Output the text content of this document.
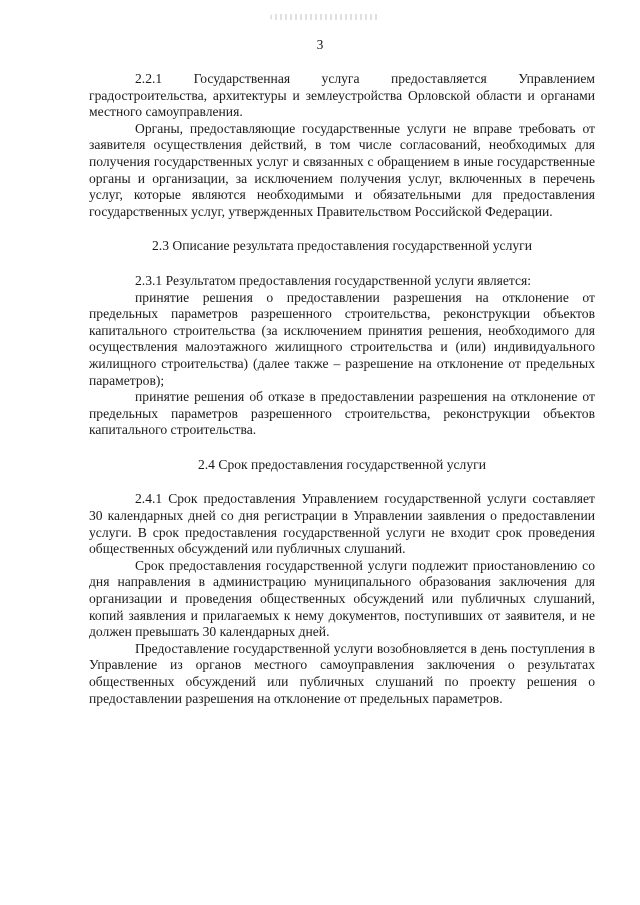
3

2.2.1 Государственная услуга предоставляется Управлением градостроительства, архитектуры и землеустройства Орловской области и органами местного самоуправления.

Органы, предоставляющие государственные услуги не вправе требовать от заявителя осуществления действий, в том числе согласований, необходимых для получения государственных услуг и связанных с обращением в иные государственные органы и организации, за исключением получения услуг, включенных в перечень услуг, которые являются необходимыми и обязательными для предоставления государственных услуг, утвержденных Правительством Российской Федерации.

2.3 Описание результата предоставления государственной услуги

2.3.1 Результатом предоставления государственной услуги является:

принятие решения о предоставлении разрешения на отклонение от предельных параметров разрешенного строительства, реконструкции объектов капитального строительства (за исключением принятия решения, необходимого для осуществления малоэтажного жилищного строительства и (или) индивидуального жилищного строительства) (далее также – разрешение на отклонение от предельных параметров);

принятие решения об отказе в предоставлении разрешения на отклонение от предельных параметров разрешенного строительства, реконструкции объектов капитального строительства.

2.4 Срок предоставления государственной услуги

2.4.1 Срок предоставления Управлением государственной услуги составляет 30 календарных дней со дня регистрации в Управлении заявления о предоставлении услуги. В срок предоставления государственной услуги не входит срок проведения общественных обсуждений или публичных слушаний.

Срок предоставления государственной услуги подлежит приостановлению со дня направления в администрацию муниципального образования заключения для организации и проведения общественных обсуждений или публичных слушаний, копий заявления и прилагаемых к нему документов, поступивших от заявителя, и не должен превышать 30 календарных дней.

Предоставление государственной услуги возобновляется в день поступления в Управление из органов местного самоуправления заключения о результатах общественных обсуждений или публичных слушаний по проекту решения о предоставлении разрешения на отклонение от предельных параметров.
